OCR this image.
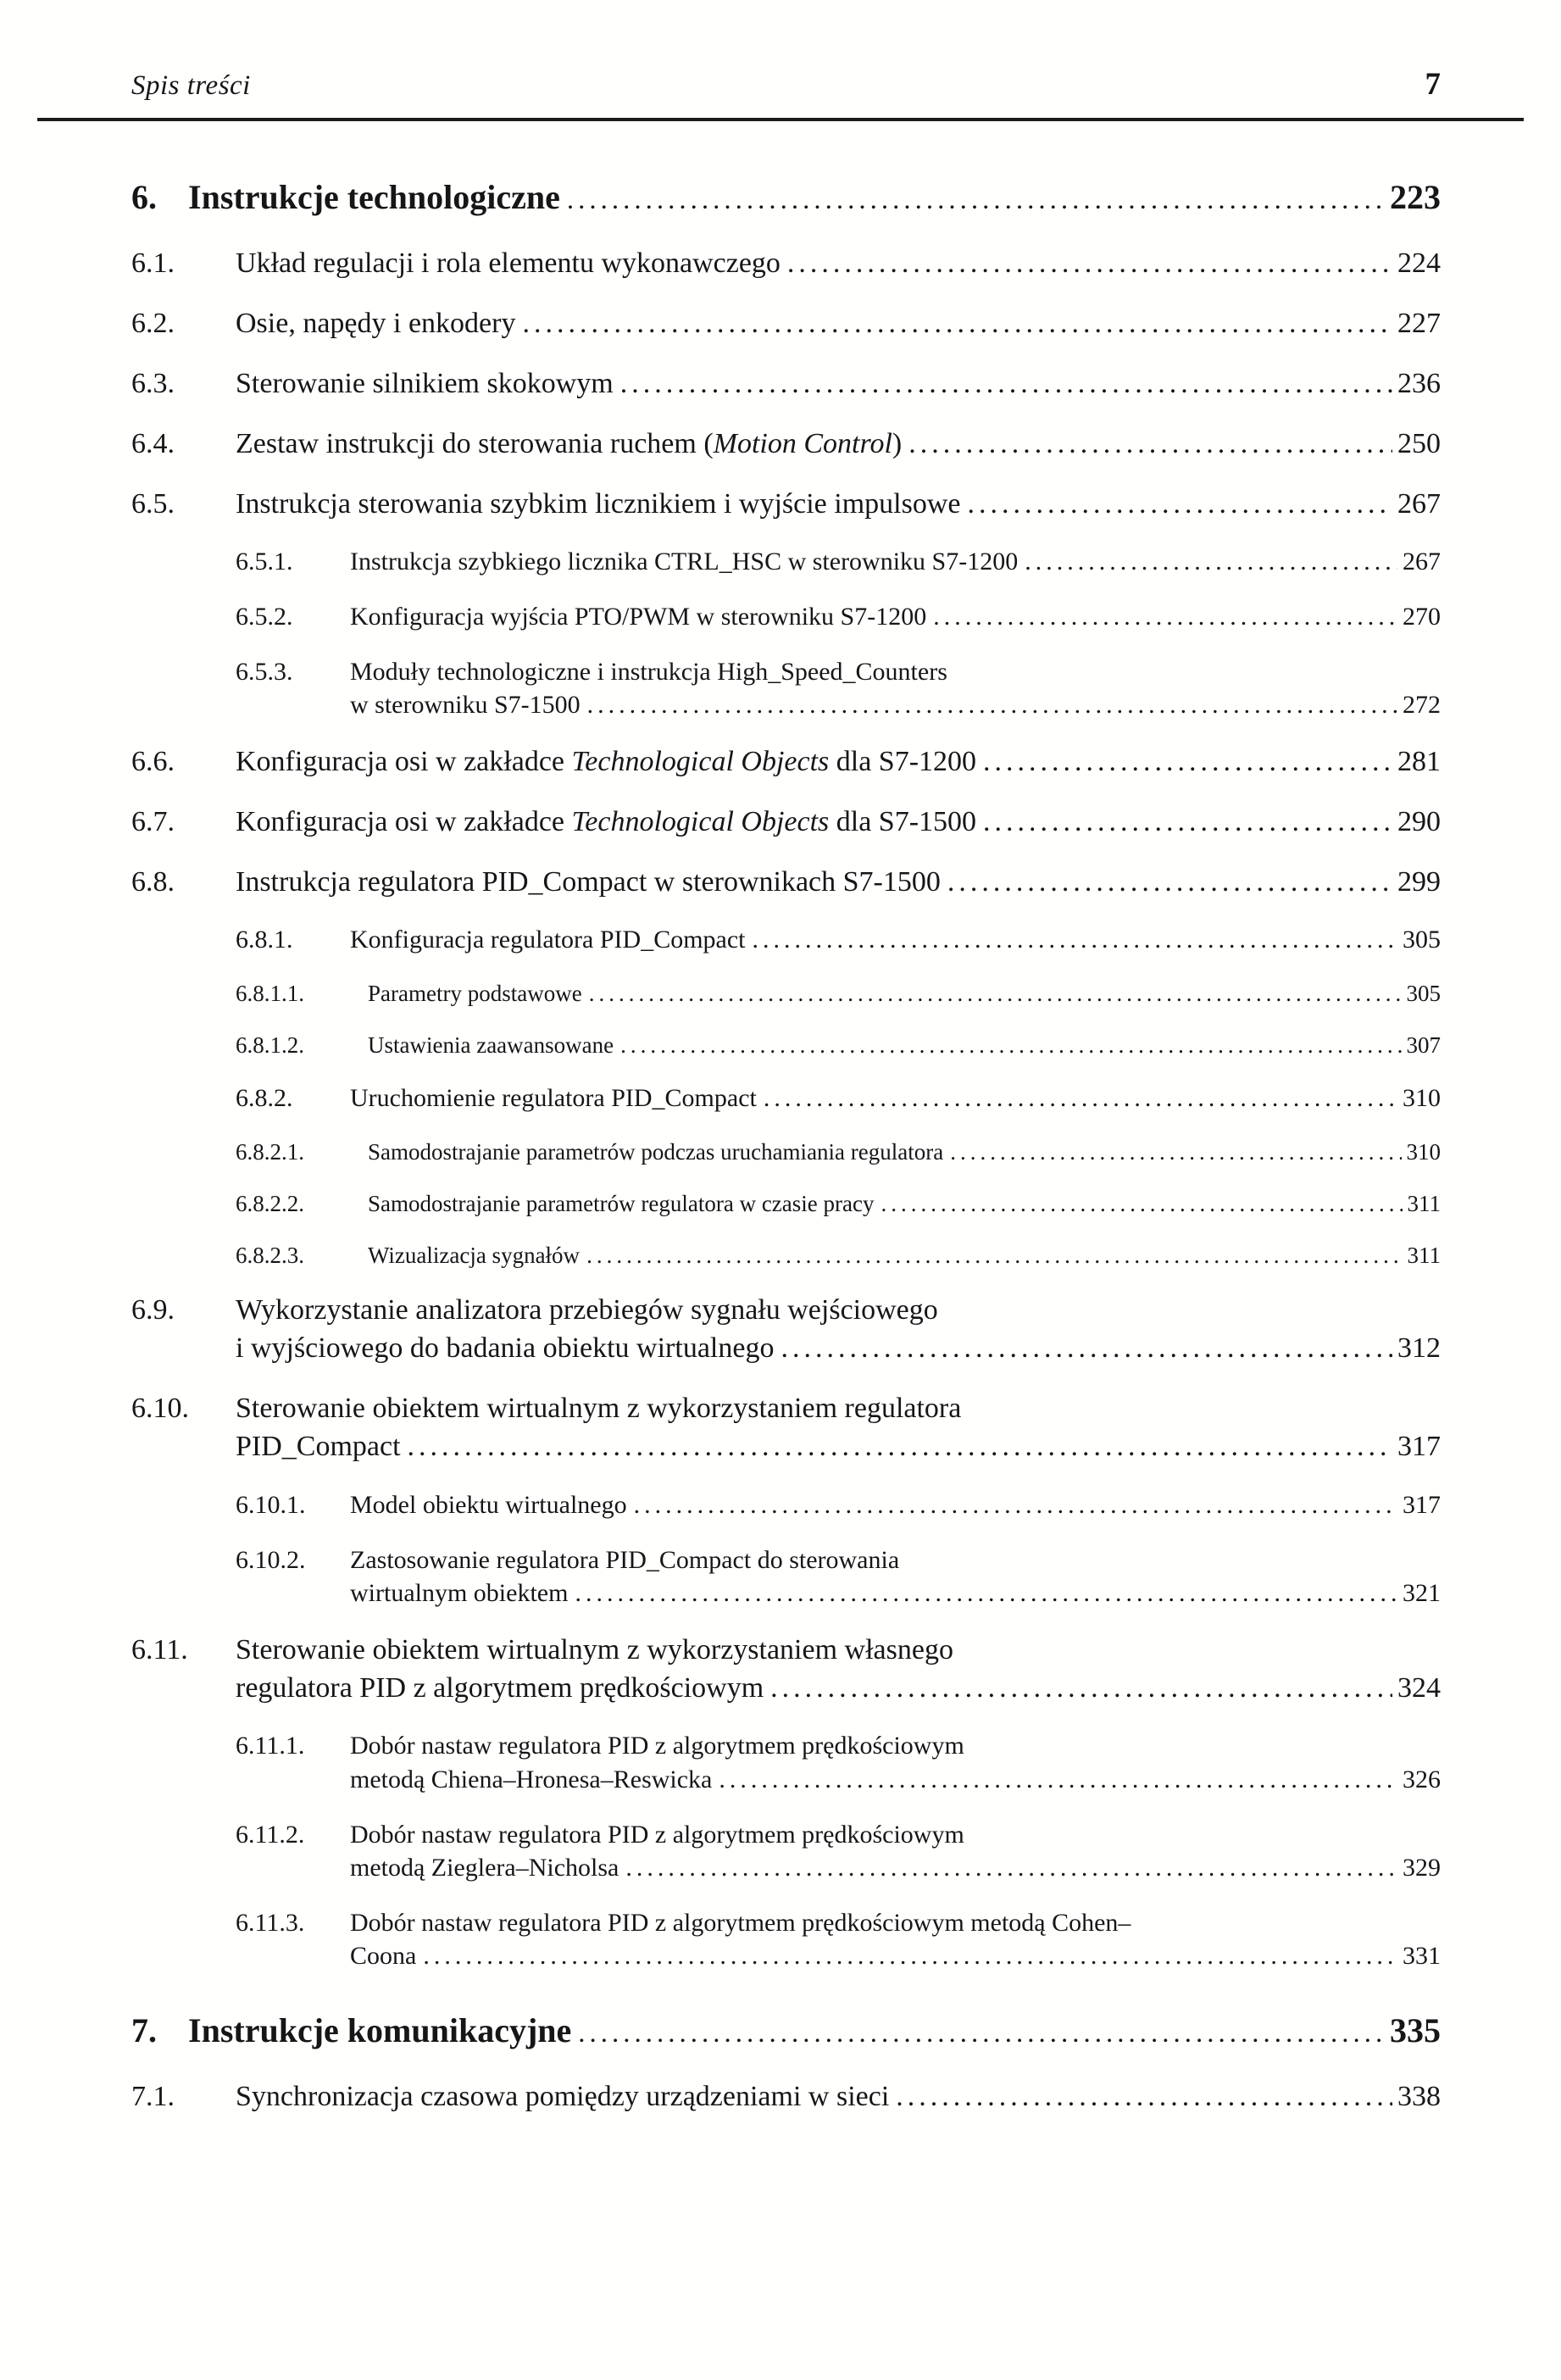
Spis treści	7
6. Instrukcje technologiczne .....	223
6.1.	Układ regulacji i rola elementu wykonawczego .....	224
6.2.	Osie, napędy i enkodery .....	227
6.3.	Sterowanie silnikiem skokowym .....	236
6.4.	Zestaw instrukcji do sterowania ruchem (Motion Control) .....	250
6.5.	Instrukcja sterowania szybkim licznikiem i wyjście impulsowe .....	267
6.5.1.	Instrukcja szybkiego licznika CTRL_HSC w sterowniku S7-1200 .....	267
6.5.2.	Konfiguracja wyjścia PTO/PWM w sterowniku S7-1200 .....	270
6.5.3.	Moduły technologiczne i instrukcja High_Speed_Counters
w sterowniku S7-1500 .....	272
6.6.	Konfiguracja osi w zakładce Technological Objects dla S7-1200 .....	281
6.7.	Konfiguracja osi w zakładce Technological Objects dla S7-1500 .....	290
6.8.	Instrukcja regulatora PID_Compact w sterownikach S7-1500 .....	299
6.8.1.	Konfiguracja regulatora PID_Compact .....	305
6.8.1.1.	Parametry podstawowe .....	305
6.8.1.2.	Ustawienia zaawansowane .....	307
6.8.2.	Uruchomienie regulatora PID_Compact .....	310
6.8.2.1.	Samodostrajanie parametrów podczas uruchamiania regulatora .....	310
6.8.2.2.	Samodostrajanie parametrów regulatora w czasie pracy .....	311
6.8.2.3.	Wizualizacja sygnałów .....	311
6.9.	Wykorzystanie analizatora przebiegów sygnału wejściowego
i wyjściowego do badania obiektu wirtualnego .....	312
6.10.	Sterowanie obiektem wirtualnym z wykorzystaniem regulatora
PID_Compact .....	317
6.10.1.	Model obiektu wirtualnego .....	317
6.10.2.	Zastosowanie regulatora PID_Compact do sterowania
wirtualnym obiektem .....	321
6.11.	Sterowanie obiektem wirtualnym z wykorzystaniem własnego
regulatora PID z algorytmem prędkościowym .....	324
6.11.1.	Dobór nastaw regulatora PID z algorytmem prędkościowym
metodą Chiena–Hronesa–Reswicka .....	326
6.11.2.	Dobór nastaw regulatora PID z algorytmem prędkościowym
metodą Zieglera–Nicholsa .....	329
6.11.3.	Dobór nastaw regulatora PID z algorytmem prędkościowym metodą Cohen–
Coona .....	331
7. Instrukcje komunikacyjne .....	335
7.1.	Synchronizacja czasowa pomiędzy urządzeniami w sieci .....	338
